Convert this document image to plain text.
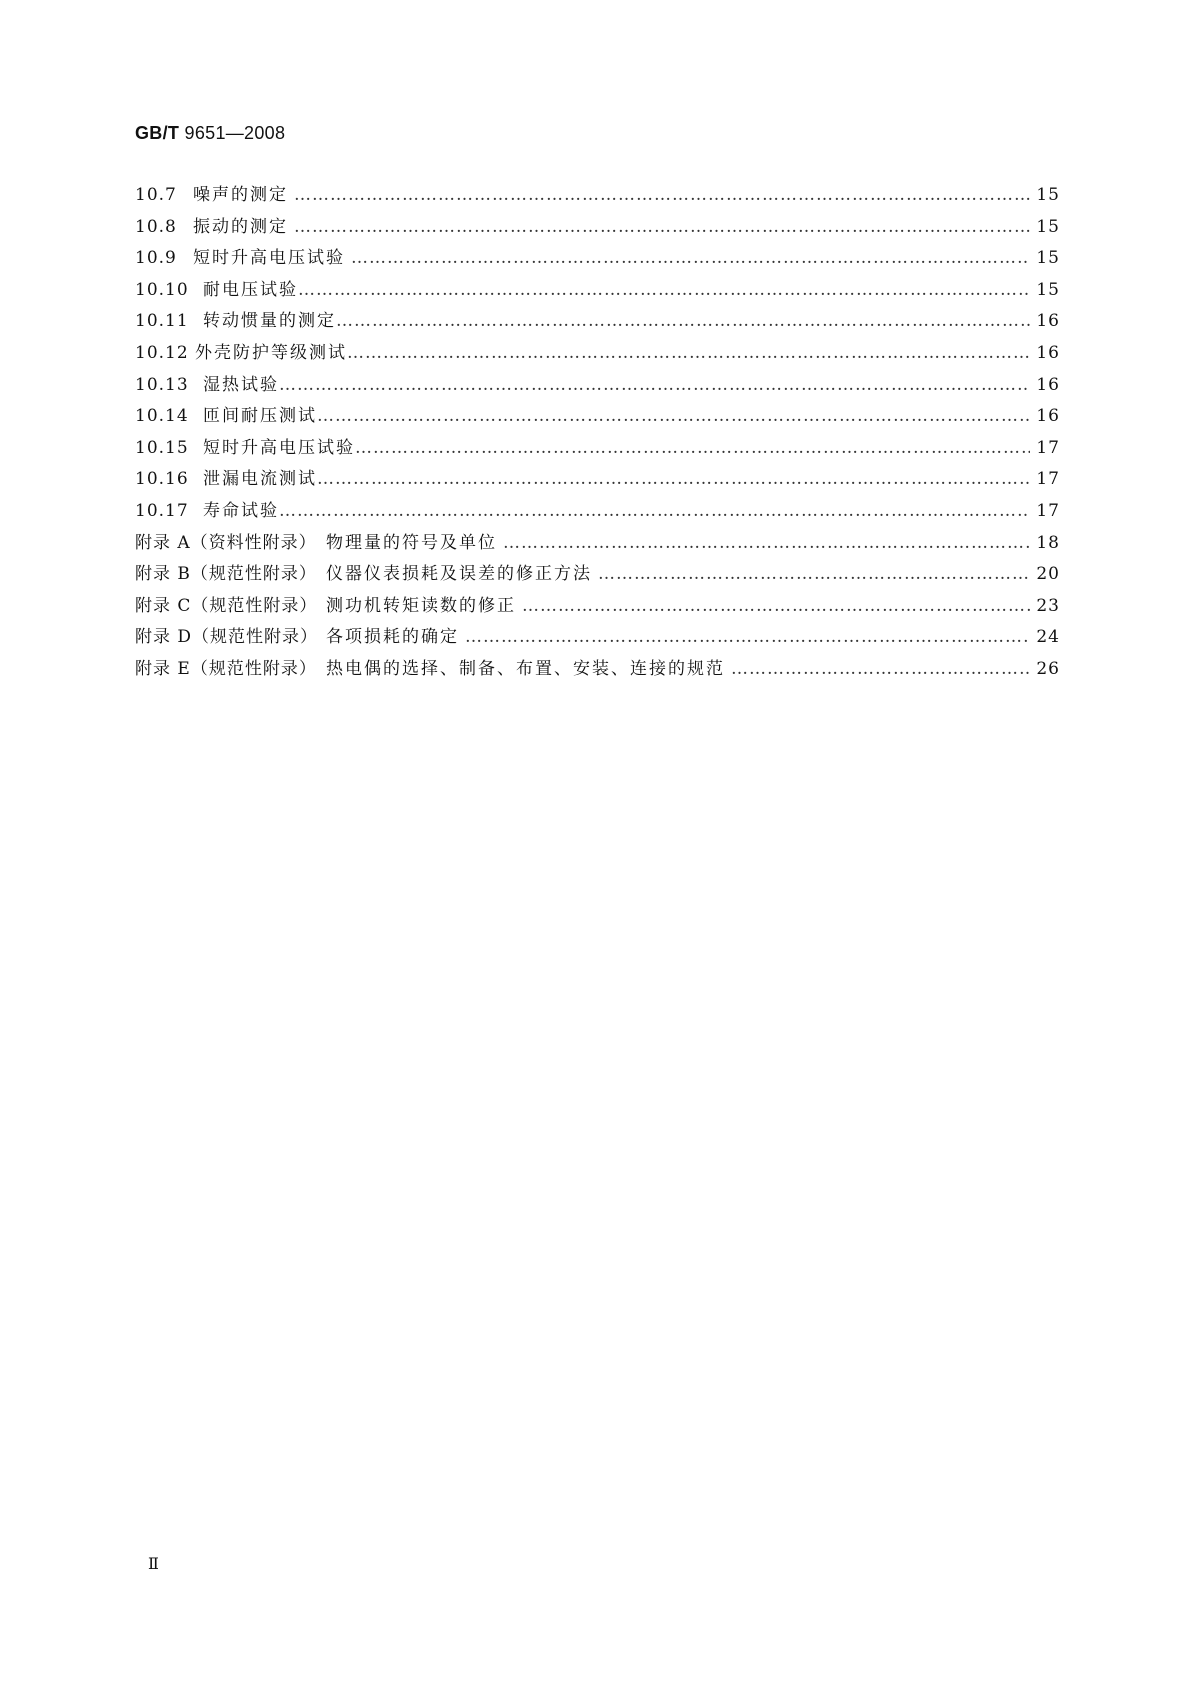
GB/T 9651—2008
10.7 噪声的测定 ………………………………………………………………………………………………………………………………………………………………………………………………………………	15
10.8 振动的测定 ………………………………………………………………………………………………………………………………………………………………………………………………………………	15
10.9 短时升高电压试验 ………………………………………………………………………………………………………………………………………………………………………………………………………………	15
10.10 耐电压试验 ………………………………………………………………………………………………………………………………………………………………………………………………………………	15
10.11 转动惯量的测定 ………………………………………………………………………………………………………………………………………………………………………………………………………………	16
10.12 外壳防护等级测试 ………………………………………………………………………………………………………………………………………………………………………………………………………………	16
10.13 湿热试验 ………………………………………………………………………………………………………………………………………………………………………………………………………………	16
10.14 匝间耐压测试 ………………………………………………………………………………………………………………………………………………………………………………………………………………	16
10.15 短时升高电压试验 ………………………………………………………………………………………………………………………………………………………………………………………………………………	17
10.16 泄漏电流测试 ………………………………………………………………………………………………………………………………………………………………………………………………………………	17
10.17 寿命试验 ………………………………………………………………………………………………………………………………………………………………………………………………………………	17
附录 A（资料性附录） 物理量的符号及单位 ………………………………………………………………………………………………………………………………………………………………………………………………………………	18
附录 B（规范性附录） 仪器仪表损耗及误差的修正方法 ………………………………………………………………………………………………………………………………………………………………………………………………………………	20
附录 C（规范性附录） 测功机转矩读数的修正 ………………………………………………………………………………………………………………………………………………………………………………………………………………	23
附录 D（规范性附录） 各项损耗的确定 ………………………………………………………………………………………………………………………………………………………………………………………………………………	24
附录 E（规范性附录） 热电偶的选择、制备、布置、安装、连接的规范 ………………………………………………………………………………………………………………………………………………………………………………………………………………	26
Ⅱ
